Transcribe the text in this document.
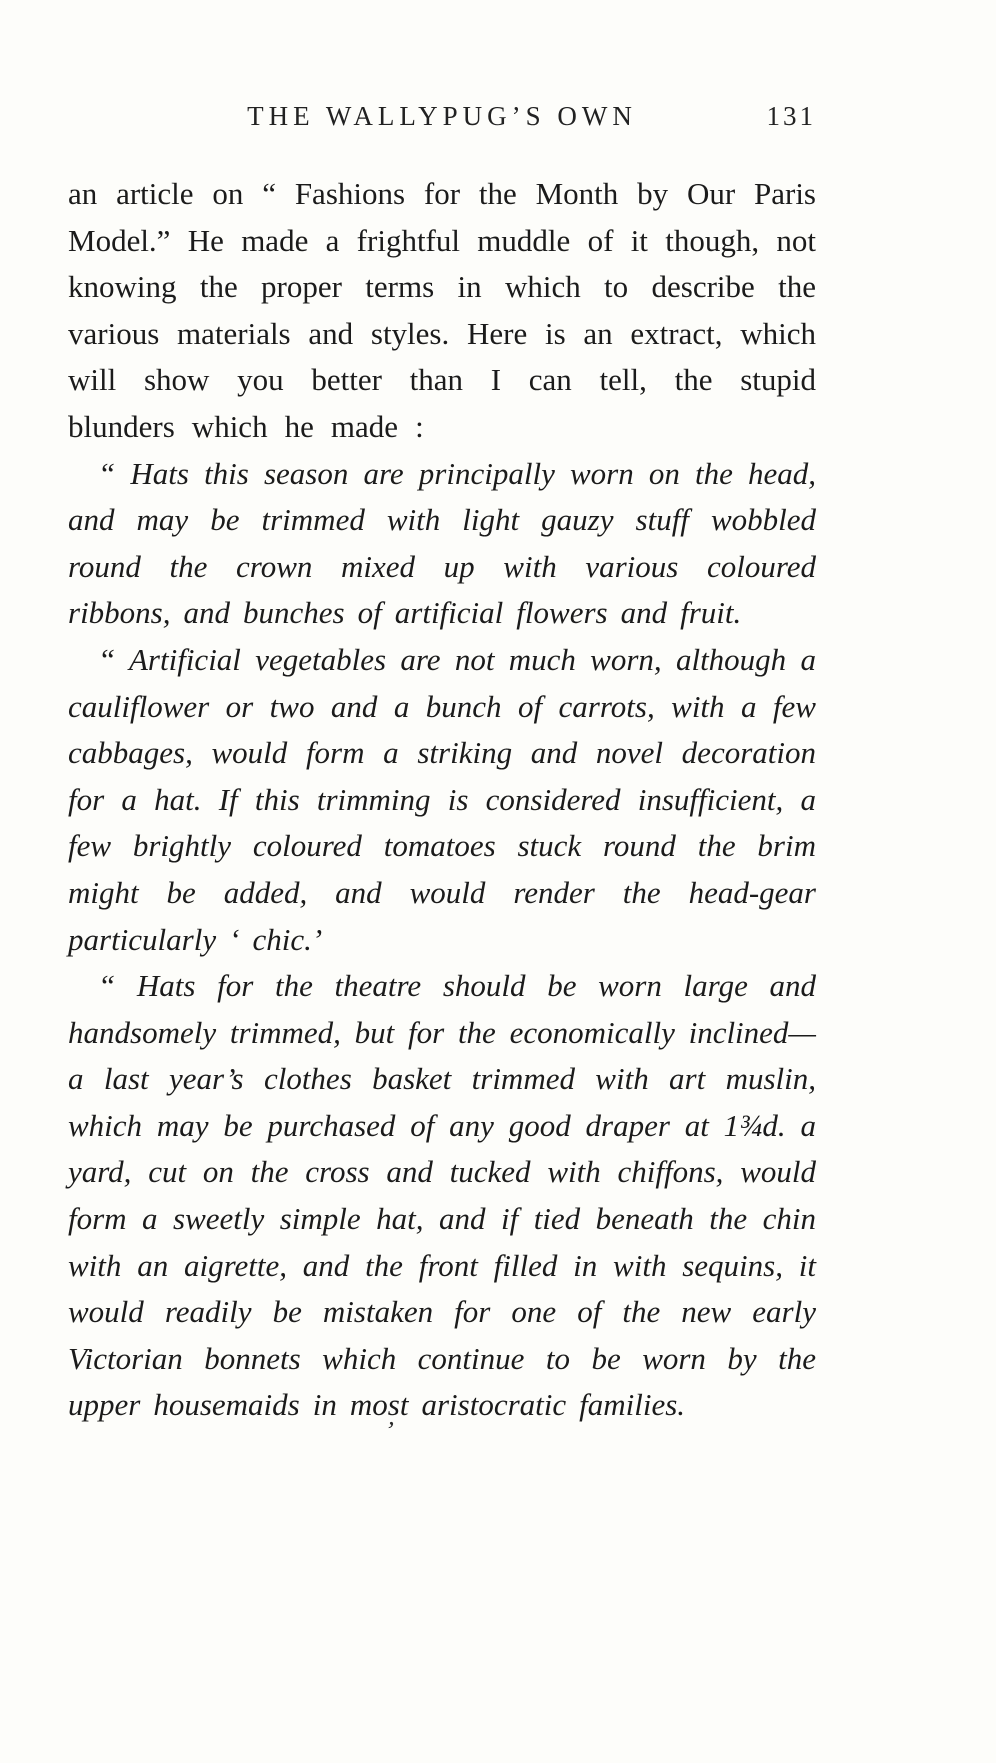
THE WALLYPUG’S OWN	131

an article on “ Fashions for the Month by Our Paris Model.” He made a frightful muddle of it though, not knowing the proper terms in which to describe the various materials and styles. Here is an extract, which will show you better than I can tell, the stupid blunders which he made :

“ Hats this season are principally worn on the head, and may be trimmed with light gauzy stuff wobbled round the crown mixed up with various coloured ribbons, and bunches of artificial flowers and fruit.

“ Artificial vegetables are not much worn, although a cauliflower or two and a bunch of carrots, with a few cabbages, would form a striking and novel decoration for a hat. If this trimming is considered insufficient, a few brightly coloured tomatoes stuck round the brim might be added, and would render the head-gear particularly ‘ chic.’

“ Hats for the theatre should be worn large and handsomely trimmed, but for the economically inclined—a last year’s clothes basket trimmed with art muslin, which may be purchased of any good draper at 1¾d. a yard, cut on the cross and tucked with chiffons, would form a sweetly simple hat, and if tied beneath the chin with an aigrette, and the front filled in with sequins, it would readily be mistaken for one of the new early Victorian bonnets which continue to be worn by the upper housemaids in most aristocratic families.

’
